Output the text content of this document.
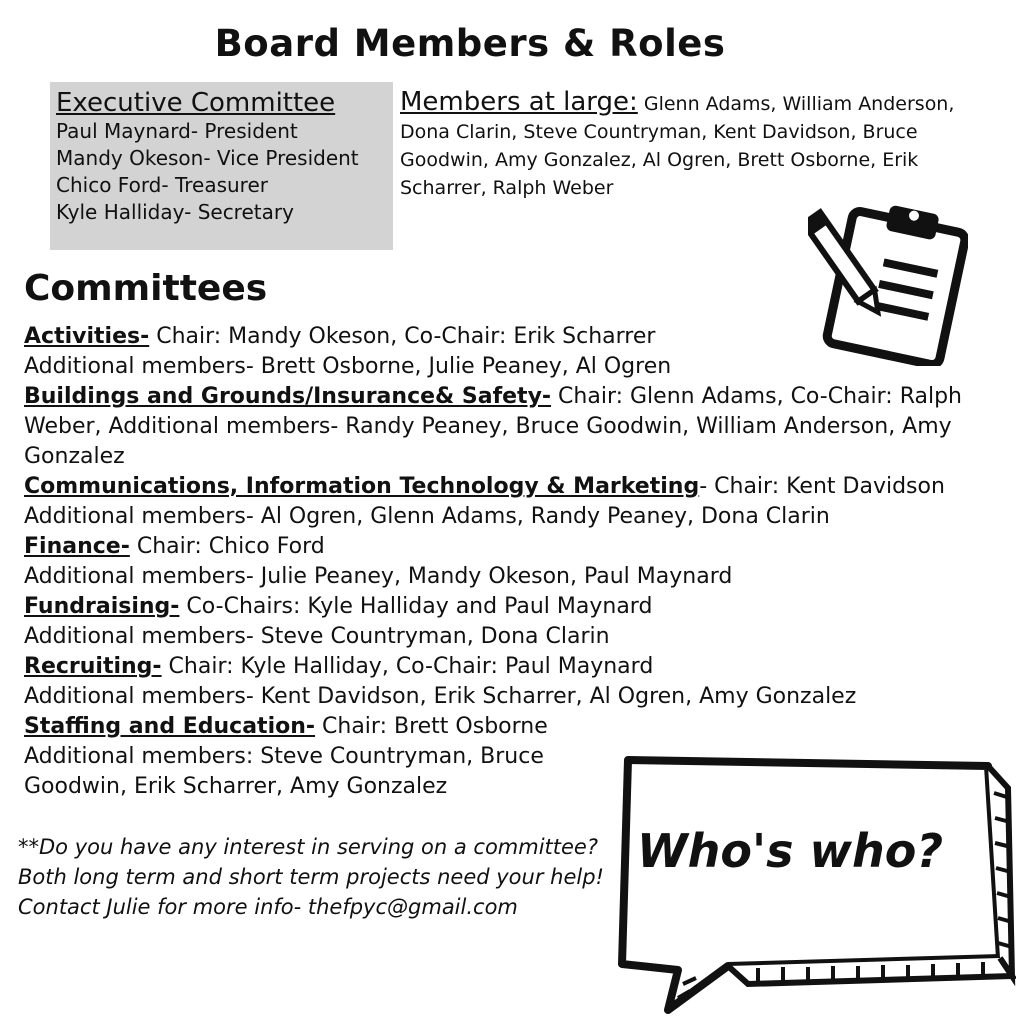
Board Members & Roles
Executive Committee
Paul Maynard- President
Mandy Okeson- Vice President
Chico Ford- Treasurer
Kyle Halliday- Secretary
Members at large: Glenn Adams, William Anderson, Dona Clarin, Steve Countryman, Kent Davidson, Bruce Goodwin, Amy Gonzalez, Al Ogren, Brett Osborne, Erik Scharrer, Ralph Weber
Committees
Activities- Chair: Mandy Okeson, Co-Chair: Erik Scharrer
Additional members- Brett Osborne, Julie Peaney, Al Ogren
Buildings and Grounds/Insurance& Safety- Chair: Glenn Adams, Co-Chair: Ralph Weber, Additional members- Randy Peaney, Bruce Goodwin, William Anderson, Amy Gonzalez
Communications, Information Technology & Marketing- Chair: Kent Davidson
Additional members- Al Ogren, Glenn Adams, Randy Peaney, Dona Clarin
Finance- Chair: Chico Ford
Additional members- Julie Peaney, Mandy Okeson, Paul Maynard
Fundraising- Co-Chairs: Kyle Halliday and Paul Maynard
Additional members- Steve Countryman, Dona Clarin
Recruiting- Chair: Kyle Halliday, Co-Chair: Paul Maynard
Additional members- Kent Davidson, Erik Scharrer, Al Ogren, Amy Gonzalez
Staffing and Education- Chair: Brett Osborne
Additional members: Steve Countryman, Bruce
Goodwin, Erik Scharrer, Amy Gonzalez
**Do you have any interest in serving on a committee? Both long term and short term projects need your help! Contact Julie for more info- thefpyc@gmail.com
Who's who?
